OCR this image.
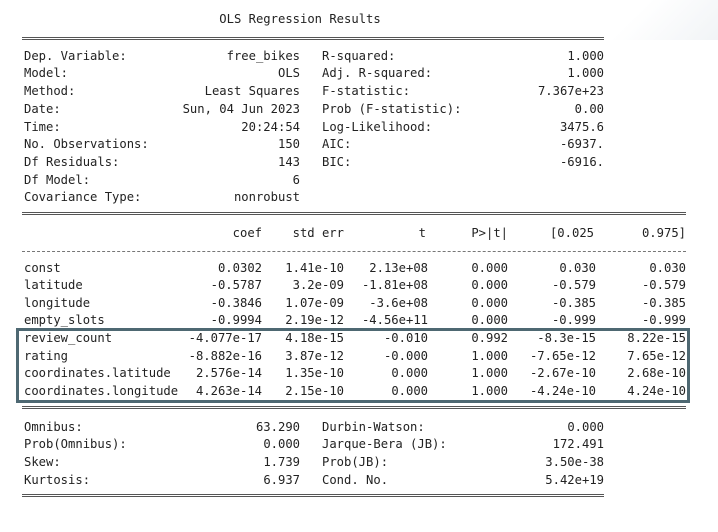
OLS Regression Results
Dep. Variable:	free_bikes
Model:	OLS
Method:	Least Squares
Date:	Sun, 04 Jun 2023
Time:	20:24:54
No. Observations:	150
Df Residuals:	143
Df Model:	6
Covariance Type:	nonrobust
R-squared:	1.000
Adj. R-squared:	1.000
F-statistic:	7.367e+23
Prob (F-statistic):	0.00
Log-Likelihood:	3475.6
AIC:	-6937.
BIC:	-6916.
coef	std err	t	P>|t|	[0.025	0.975]
const	0.0302	1.41e-10	2.13e+08	0.000	0.030	0.030
latitude	-0.5787	3.2e-09	-1.81e+08	0.000	-0.579	-0.579
longitude	-0.3846	1.07e-09	-3.6e+08	0.000	-0.385	-0.385
empty_slots	-0.9994	2.19e-12	-4.56e+11	0.000	-0.999	-0.999
review_count	-4.077e-17	4.18e-15	-0.010	0.992	-8.3e-15	8.22e-15
rating	-8.882e-16	3.87e-12	-0.000	1.000	-7.65e-12	7.65e-12
coordinates.latitude	2.576e-14	1.35e-10	0.000	1.000	-2.67e-10	2.68e-10
coordinates.longitude	4.263e-14	2.15e-10	0.000	1.000	-4.24e-10	4.24e-10
Omnibus:	63.290
Prob(Omnibus):	0.000
Skew:	1.739
Kurtosis:	6.937
Durbin-Watson:	0.000
Jarque-Bera (JB):	172.491
Prob(JB):	3.50e-38
Cond. No.	5.42e+19
